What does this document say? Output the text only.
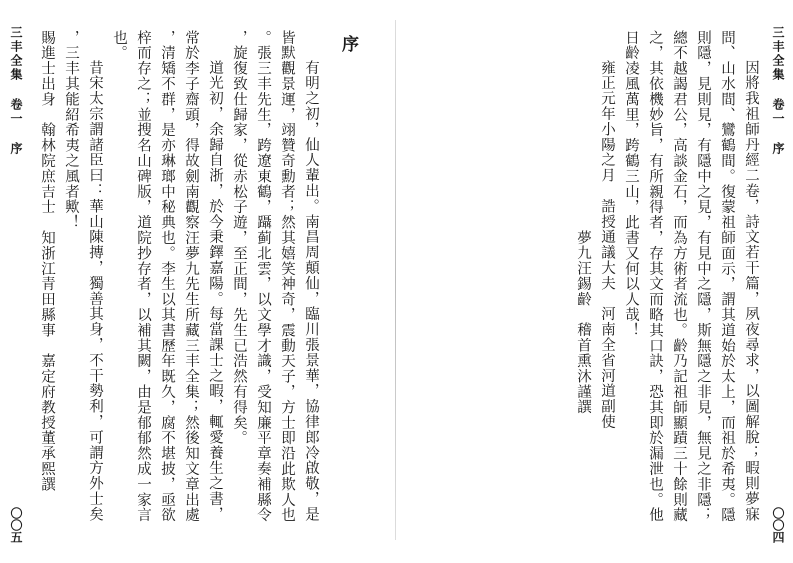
〇〇五
三丰全集 卷一 序 賜進士出身　翰林院庶吉士　知浙江青田縣事　嘉定府教授董承熙譔 ，三丰其能紹希夷之風者歟！ 昔宋太宗謂諸臣曰：華山陳摶，獨善其身，不干勢利，可謂方外士矣
也。 梓而存之；並搜名山碑版，道院抄存者，以補其闕，由是郁郁然成一家言 ，清矯不群，是亦琳瑯中秘典也。李生以其書歷年既久，腐不堪披，亟欲 常於李子齋頭，得故劍南觀察汪夢九先生所藏三丰全集；然後知文章出處 道光初，余歸自浙，於今秉鐸嘉陽。每當課士之暇，輒愛養生之書， ，旋復致仕歸家，從赤松子遊，至正間，先生已浩然有得矣。 。張三丰先生，跨遼東鶴，躡蓟北雲，以文學才識，受知廉平章奏補縣令 皆默觀景運，翊贊奇勳者；然其嬉笑神奇，震動天子，方士即沿此欺人也 有明之初，仙人輩出。南昌周顛仙，臨川張景華，協律郎冷啟敬，是
序
夢九汪錫齡　稽首熏沐謹譔 雍正元年小陽之月　誥授通議大夫　河南全省河道副使 日齡凌風萬里，跨鶴三山，此書又何以人哉！ 之，其依機妙旨，有所親得者，存其文而略其口訣，恐其即於漏泄也。他 總不越謁君公，高談金石，而為方術者流也。齡乃記祖師顯蹟三十餘則藏 則隱，見則見，有隱中之見，有見中之隱，斯無隱之非見，無見之非隱； 問、山水間、鸞鶴間。復蒙祖師面示，謂其道始於太上，而祖於希夷。隱 因將我祖師丹經二卷，詩文若干篇，夙夜尋求，以圖解脫；暇則夢寐 三丰全集 卷一 序
〇〇四
